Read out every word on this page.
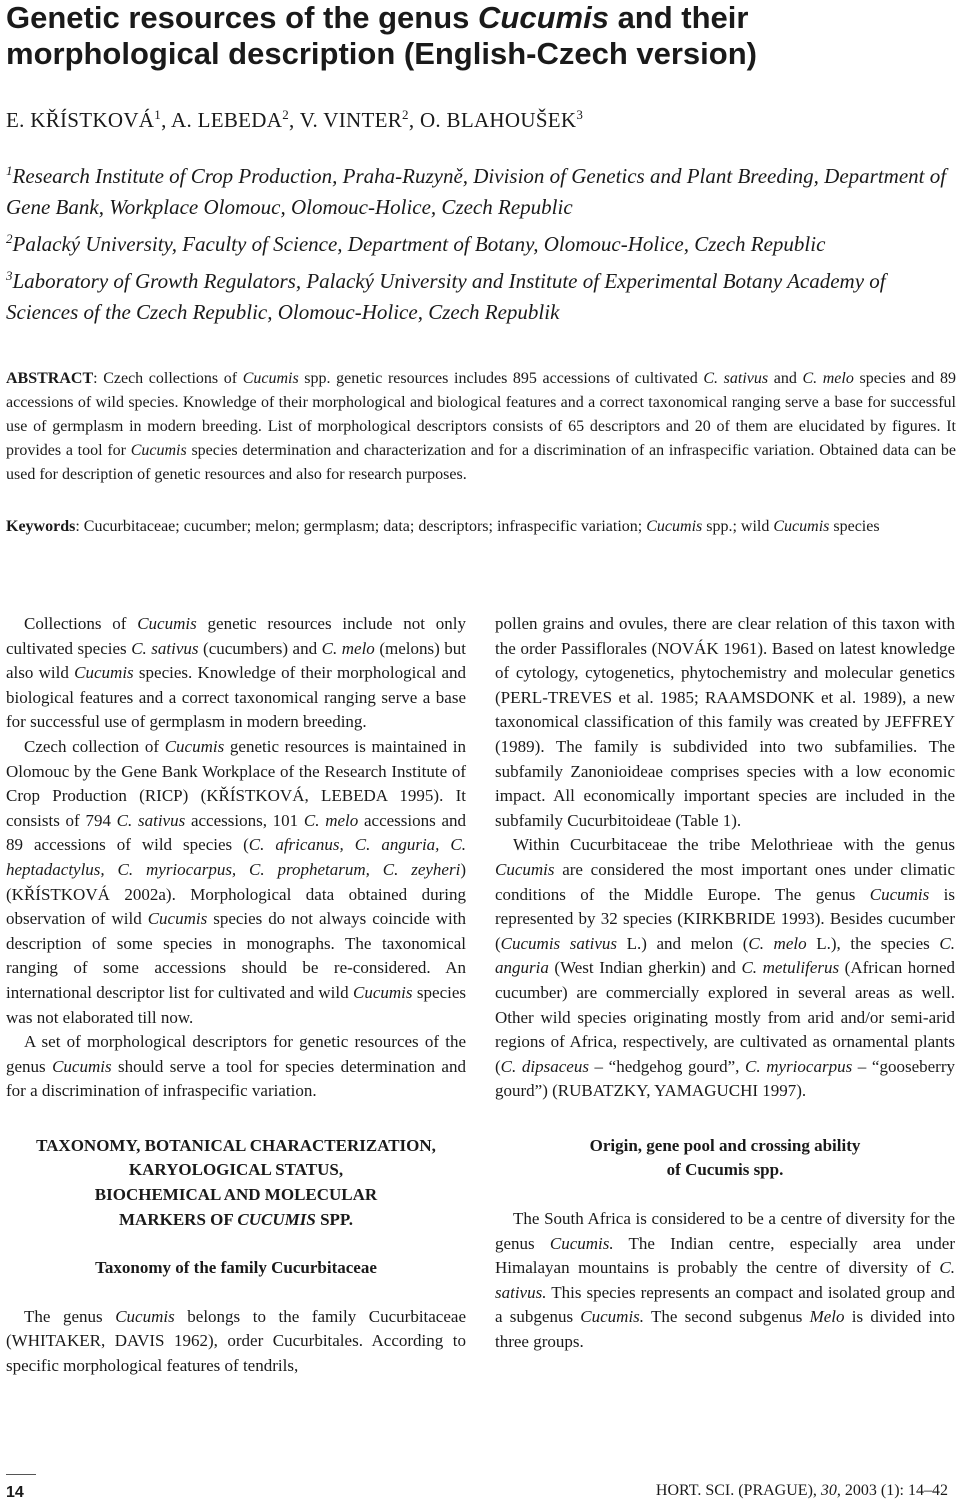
Genetic resources of the genus Cucumis and their morphological description (English-Czech version)
E. KŘÍSTKOVÁ$^1$, A. LEBEDA$^2$, V. VINTER$^2$, O. BLAHOUŠEK$^3$

$^1$Research Institute of Crop Production, Praha-Ruzyně, Division of Genetics and Plant Breeding, Department of Gene Bank, Workplace Olomouc, Olomouc-Holice, Czech Republic

$^2$Palacký University, Faculty of Science, Department of Botany, Olomouc-Holice, Czech Republic

$^3$Laboratory of Growth Regulators, Palacký University and Institute of Experimental Botany Academy of Sciences of the Czech Republic, Olomouc-Holice, Czech Republik

ABSTRACT: Czech collections of Cucumis spp. genetic resources includes 895 accessions of cultivated C. sativus and C. melo species and 89 accessions of wild species. Knowledge of their morphological and biological features and a correct taxonomical ranging serve a base for successful use of germplasm in modern breeding. List of morphological descriptors consists of 65 descriptors and 20 of them are elucidated by figures. It provides a tool for Cucumis species determination and characterization and for a discrimination of an infraspecific variation. Obtained data can be used for description of genetic resources and also for research purposes.

Keywords: Cucurbitaceae; cucumber; melon; germplasm; data; descriptors; infraspecific variation; Cucumis spp.; wild Cucumis species

Collections of Cucumis genetic resources include not only cultivated species C. sativus (cucumbers) and C. melo (melons) but also wild Cucumis species. Knowledge of their morphological and biological features and a correct taxonomical ranging serve a base for successful use of germplasm in modern breeding.

Czech collection of Cucumis genetic resources is maintained in Olomouc by the Gene Bank Workplace of the Research Institute of Crop Production (RICP) (KŘÍSTKOVÁ, LEBEDA 1995). It consists of 794 C. sativus accessions, 101 C. melo accessions and 89 accessions of wild species (C. africanus, C. anguria, C. heptadactylus, C. myriocarpus, C. prophetarum, C. zeyheri) (KŘÍSTKOVÁ 2002a). Morphological data obtained during observation of wild Cucumis species do not always coincide with description of some species in monographs. The taxonomical ranging of some accessions should be re-considered. An international descriptor list for cultivated and wild Cucumis species was not elaborated till now.

A set of morphological descriptors for genetic resources of the genus Cucumis should serve a tool for species determination and for a discrimination of infraspecific variation.

TAXONOMY, BOTANICAL CHARACTERIZATION,
KARYOLOGICAL STATUS,
BIOCHEMICAL AND MOLECULAR
MARKERS OF CUCUMIS SPP.
Taxonomy of the family Cucurbitaceae

The genus Cucumis belongs to the family Cucurbitaceae (WHITAKER, DAVIS 1962), order Cucurbitales. According to specific morphological features of tendrils,

pollen grains and ovules, there are clear relation of this taxon with the order Passiflorales (NOVÁK 1961). Based on latest knowledge of cytology, cytogenetics, phytochemistry and molecular genetics (PERL-TREVES et al. 1985; RAAMSDONK et al. 1989), a new taxonomical classification of this family was created by JEFFREY (1989). The family is subdivided into two subfamilies. The subfamily Zanonioideae comprises species with a low economic impact. All economically important species are included in the subfamily Cucurbitoideae (Table 1).

Within Cucurbitaceae the tribe Melothrieae with the genus Cucumis are considered the most important ones under climatic conditions of the Middle Europe. The genus Cucumis is represented by 32 species (KIRKBRIDE 1993). Besides cucumber (Cucumis sativus L.) and melon (C. melo L.), the species C. anguria (West Indian gherkin) and C. metuliferus (African horned cucumber) are commercially explored in several areas as well. Other wild species originating mostly from arid and/or semi-arid regions of Africa, respectively, are cultivated as ornamental plants (C. dipsaceus – “hedgehog gourd”, C. myriocarpus – “gooseberry gourd”) (RUBATZKY, YAMAGUCHI 1997).

Origin, gene pool and crossing ability
of Cucumis spp.

The South Africa is considered to be a centre of diversity for the genus Cucumis. The Indian centre, especially area under Himalayan mountains is probably the centre of diversity of C. sativus. This species represents an compact and isolated group and a subgenus Cucumis. The second subgenus Melo is divided into three groups.

14	HORT. SCI. (PRAGUE), 30, 2003 (1): 14–42
